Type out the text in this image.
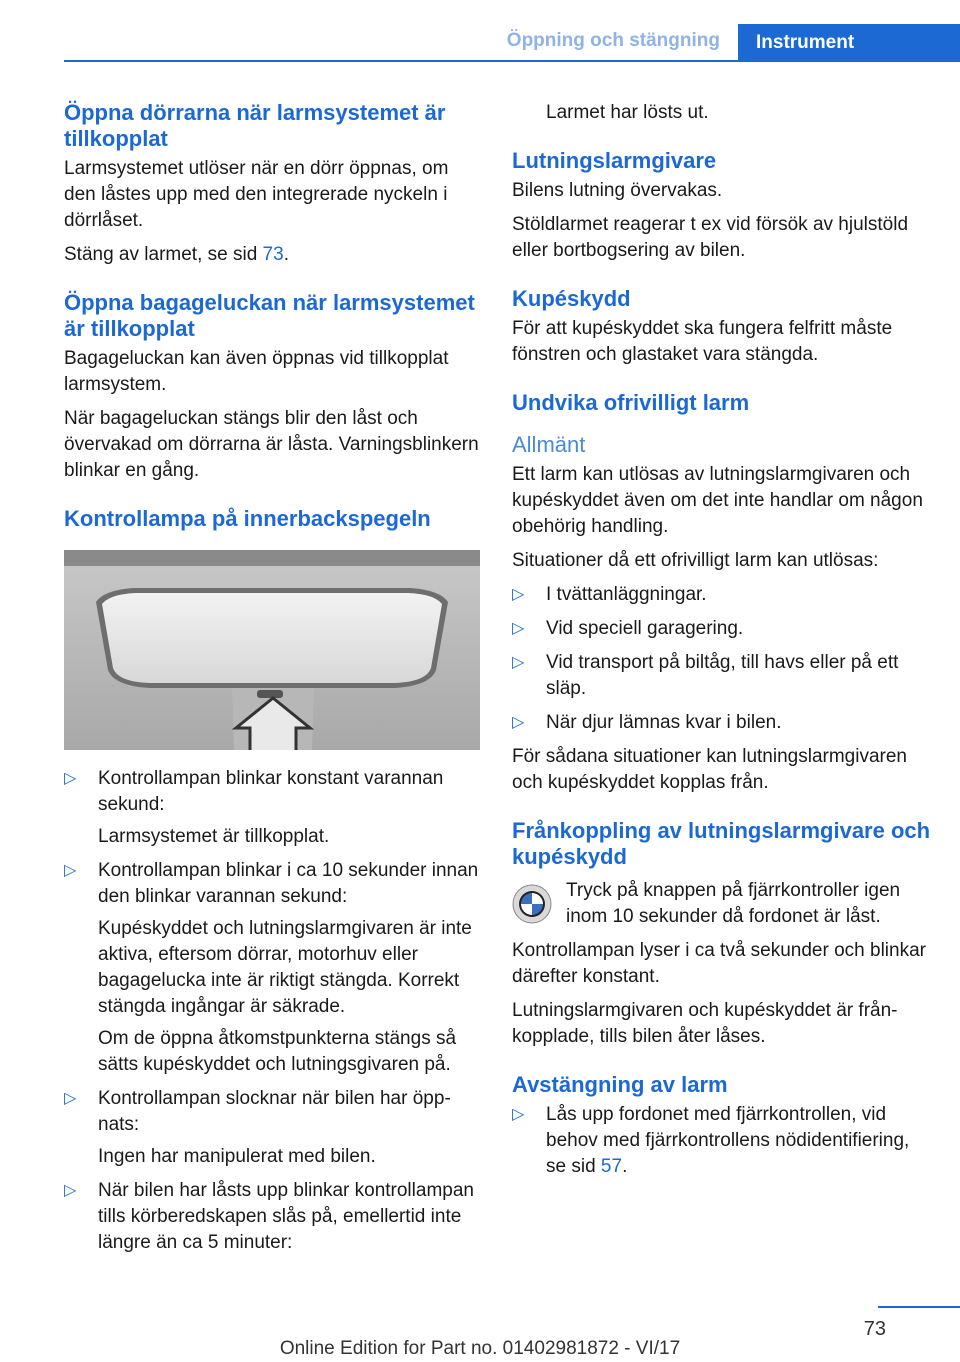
Öppning och stängning	Instrument
Öppna dörrarna när larmsystemet är tillkopplat

Larmsystemet utlöser när en dörr öppnas, om den låstes upp med den integrerade nyckeln i dörrlåset.

Stäng av larmet, se sid 73.

Öppna bagageluckan när larmsystemet är tillkopplat

Bagageluckan kan även öppnas vid tillkopplat larmsystem.

När bagageluckan stängs blir den låst och övervakad om dörrarna är låsta. Varningsblinkern blinkar en gång.

Kontrollampa på innerbackspegeln
▷ Kontrollampan blinkar konstant varannan sekund:
Larmsystemet är tillkopplat.
▷ Kontrollampan blinkar i ca 10 sekunder innan den blinkar varannan sekund:
Kupéskyddet och lutningslarmgivaren är inte aktiva, eftersom dörrar, motorhuv eller bagagelucka inte är riktigt stängda. Korrekt stängda ingångar är säkrade.
Om de öppna åtkomstpunkterna stängs så sätts kupéskyddet och lutningsgivaren på.
▷ Kontrollampan slocknar när bilen har öppnats:
Ingen har manipulerat med bilen.
▷ När bilen har låsts upp blinkar kontrollampan tills körberedskapen slås på, emellertid inte längre än ca 5 minuter:

Larmet har lösts ut.

Lutningslarmgivare

Bilens lutning övervakas.

Stöldlarmet reagerar t ex vid försök av hjulstöld eller bortbogsering av bilen.

Kupéskydd

För att kupéskyddet ska fungera felfritt måste fönstren och glastaket vara stängda.

Undvika ofrivilligt larm
Allmänt

Ett larm kan utlösas av lutningslarmgivaren och kupéskyddet även om det inte handlar om någon obehörig handling.

Situationer då ett ofrivilligt larm kan utlösas:

▷ I tvättanläggningar.
▷ Vid speciell garagering.
▷ Vid transport på biltåg, till havs eller på ett släp.
▷ När djur lämnas kvar i bilen.

För sådana situationer kan lutningslarmgivaren och kupéskyddet kopplas från.

Frånkoppling av lutningslarmgivare och kupéskydd

Tryck på knappen på fjärrkontroller igen inom 10 sekunder då fordonet är låst.

Kontrollampan lyser i ca två sekunder och blinkar därefter konstant.

Lutningslarmgivaren och kupéskyddet är frånkopplade, tills bilen åter låses.

Avstängning av larm
▷ Lås upp fordonet med fjärrkontrollen, vid behov med fjärrkontrollens nödidentifiering, se sid 57.
73
Online Edition for Part no. 01402981872 - VI/17
